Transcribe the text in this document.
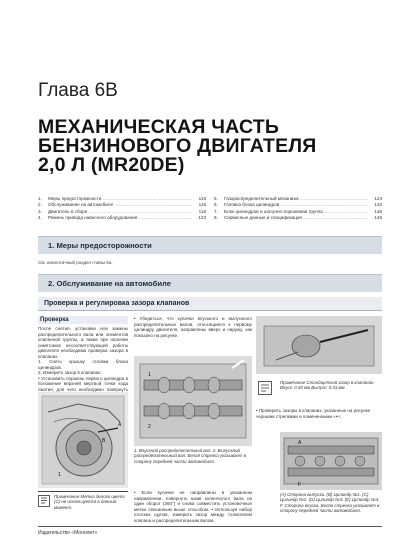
Глава 6В
МЕХАНИЧЕСКАЯ ЧАСТЬ
БЕНЗИНОВОГО ДВИГАТЕЛЯ
2,0 Л (MR20DE)
1.	Меры предосторожности .....	116
2.	Обслуживание на автомобиле .....	116
3.	Двигатель в сборе .....	118
4.	Ремень привода навесного оборудования .....	123
5.	Газораспределительный механизм .....	124
6.	Головка блока цилиндров .....	132
7.	Блок цилиндров и шатунно-поршневая группа .....	136
8.	Сервисные данные и спецификация .....	149
1. Меры предосторожности
См. аналогичный раздел главы 6а.
2. Обслуживание на автомобиле
Проверка и регулировка зазора клапанов
Проверка
После снятия, установки или замены распределительного вала или элементов клапанной группы, а также при наличии симптомов несоответствующей работы двигателя необходима проверка зазора в клапанах.
1. Снять крышку головки блока цилиндров.
2. Измерить зазор в клапанах:
• Установить поршень первого цилиндра в положение верхней мертвой точки хода сжатия, для чего необходимо повернуть
A
B
1
Примечание Метка белого цвета (С) не используется в данный момент.
• Убедиться, что кулачки впускного и выпускного распределительных валов, относящиеся к первому цилиндру двигателя, направлены вверх и наружу, как показано на рисунке.
1
2
1. Впускной распределительный вал. 2. Выпускной распределительный вал. Белая стрелка указывает в сторону передней части автомобиля.
• Если кулачки не направлены в указанном направлении, повернуть шкив коленчатого вала на один оборот (360°) и снова совместить установочные метки описанным выше способом. • Используя набор плоских щупов, измерить зазор между толкателем клапана и распределительным валом.
Примечание Стандартный зазор в клапанах: Впуск: 0.30 мм Выпуск: 0.33 мм.
• Проверить зазоры в клапанах, указанные на рисунке черными стрелками и помеченными «•»:
A
F
(А) Сторона выпуска. (В) Цилиндр №1. (С) Цилиндр №2. (D) Цилиндр №3. (E) Цилиндр №4. F. Сторона впуска. Белая стрелка указывает в сторону передней части автомобиля.
Издательство «Монолит»
